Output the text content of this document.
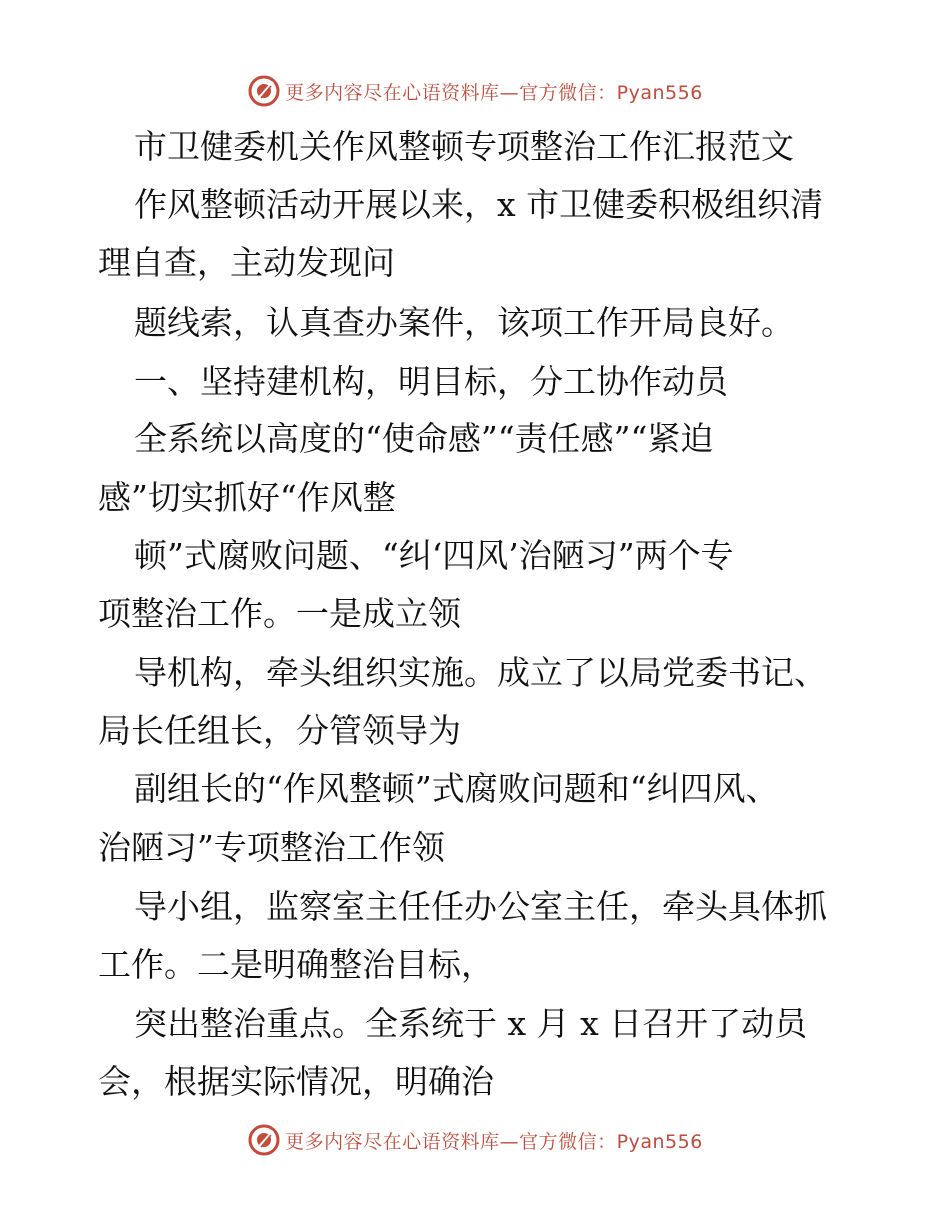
更多内容尽在心语资料库—官方微信：Pyan556
市卫健委机关作风整顿专项整治工作汇报范文
作风整顿活动开展以来，x 市卫健委积极组织清
理自查，主动发现问
题线索，认真查办案件，该项工作开局良好。
一、坚持建机构，明目标，分工协作动员
全系统以高度的“使命感”“责任感”“紧迫
感”切实抓好“作风整
顿”式腐败问题、“纠‘四风’治陋习”两个专
项整治工作。一是成立领
导机构，牵头组织实施。成立了以局党委书记、
局长任组长，分管领导为
副组长的“作风整顿”式腐败问题和“纠四风、
治陋习”专项整治工作领
导小组，监察室主任任办公室主任，牵头具体抓
工作。二是明确整治目标，
突出整治重点。全系统于 x 月 x 日召开了动员
会，根据实际情况，明确治
更多内容尽在心语资料库—官方微信：Pyan556
